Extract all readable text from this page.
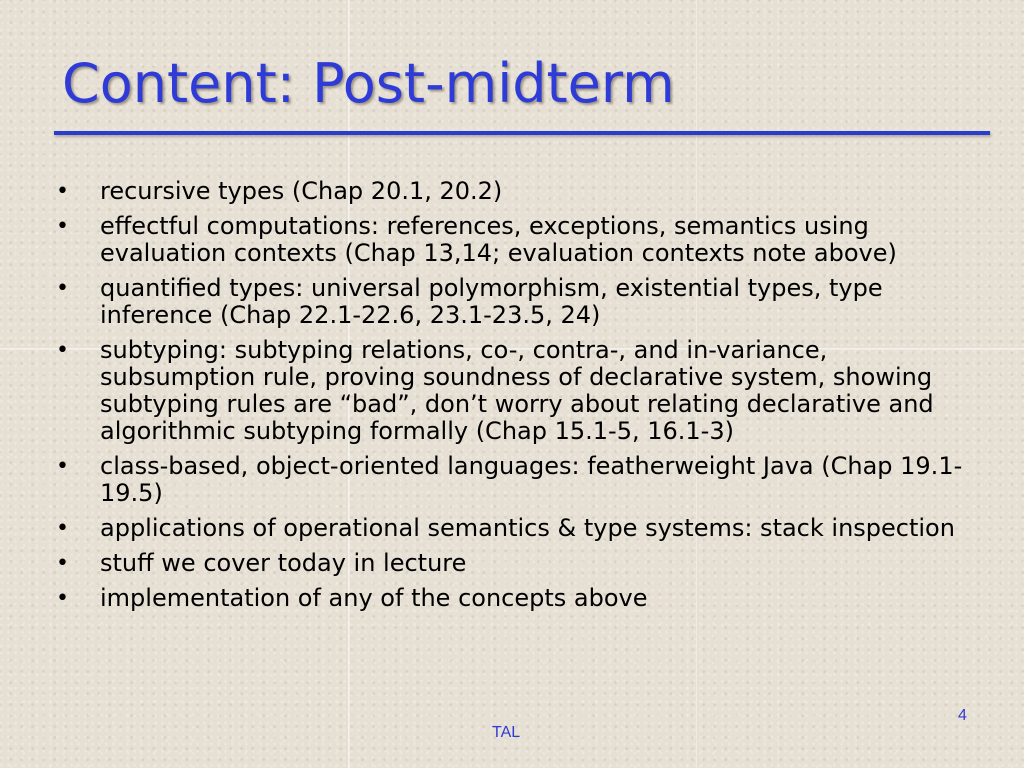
Content: Post-midterm
• recursive types (Chap 20.1, 20.2)
• effectful computations: references, exceptions, semantics using evaluation contexts (Chap 13,14; evaluation contexts note above)
• quantified types: universal polymorphism, existential types, type inference (Chap 22.1-22.6, 23.1-23.5, 24)
• subtyping: subtyping relations, co-, contra-, and in-variance, subsumption rule, proving soundness of declarative system, showing subtyping rules are “bad”, don’t worry about relating declarative and algorithmic subtyping formally (Chap 15.1-5, 16.1-3)
• class-based, object-oriented languages: featherweight Java (Chap 19.1-19.5)
• applications of operational semantics & type systems: stack inspection
• stuff we cover today in lecture
• implementation of any of the concepts above
TAL
4
